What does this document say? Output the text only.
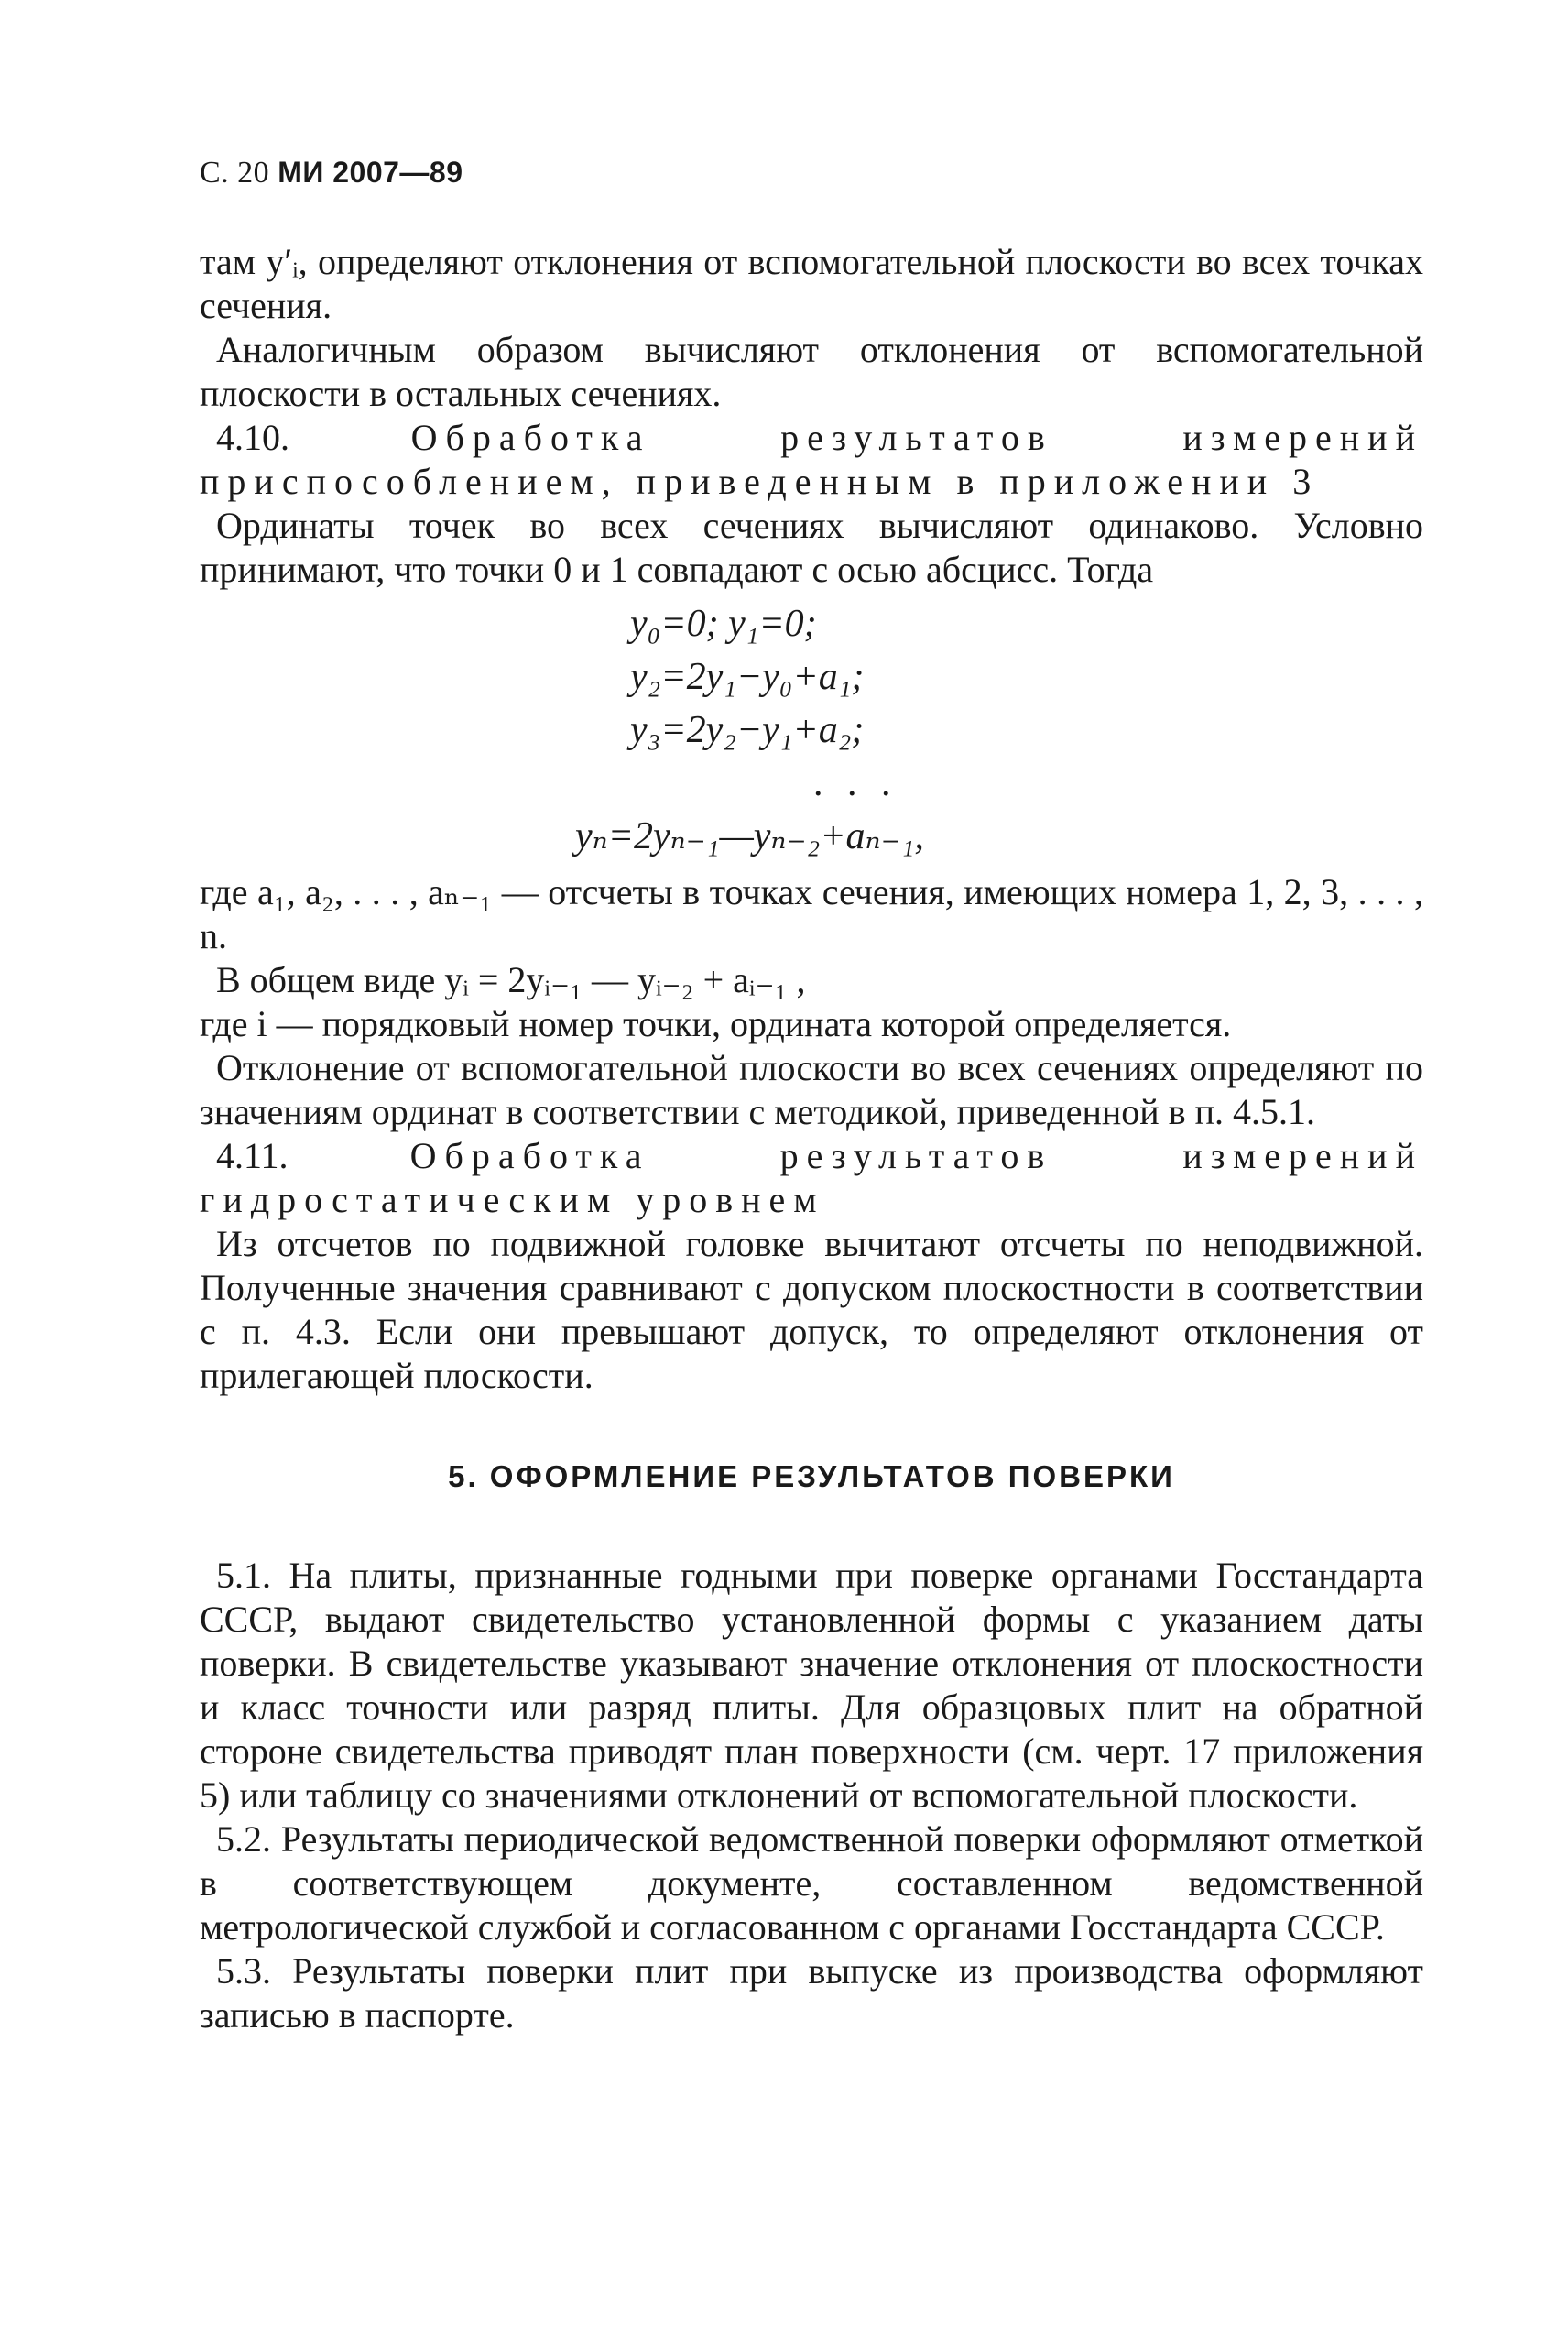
С. 20 МИ 2007—89

там y′ᵢ, определяют отклонения от вспомогательной плоскости во всех точках сечения.

Аналогичным образом вычисляют отклонения от вспомогательной плоскости в остальных сечениях.

4.10.	Обработка результатов измерений приспособлением, приведенным в приложении 3

Ординаты точек во всех сечениях вычисляют одинаково. Условно принимают, что точки 0 и 1 совпадают с осью абсцисс. Тогда

y₀=0; y₁=0;
y₂=2y₁−y₀+a₁;
y₃=2y₂−y₁+a₂;
. . .
yₙ=2yₙ₋₁—yₙ₋₂+aₙ₋₁,

где a₁, a₂, . . . , aₙ₋₁ — отсчеты в точках сечения, имеющих номера 1, 2, 3, . . . , n.

В общем виде yᵢ = 2yᵢ₋₁ — yᵢ₋₂ + aᵢ₋₁ ,

где i — порядковый номер точки, ордината которой определяется.

Отклонение от вспомогательной плоскости во всех сечениях определяют по значениям ординат в соответствии с методикой, приведенной в п. 4.5.1.

4.11.	Обработка результатов измерений гидростатическим уровнем

Из отсчетов по подвижной головке вычитают отсчеты по неподвижной. Полученные значения сравнивают с допуском плоскостности в соответствии с п. 4.3. Если они превышают допуск, то определяют отклонения от прилегающей плоскости.

5. ОФОРМЛЕНИЕ РЕЗУЛЬТАТОВ ПОВЕРКИ

5.1. На плиты, признанные годными при поверке органами Госстандарта СССР, выдают свидетельство установленной формы с указанием даты поверки. В свидетельстве указывают значение отклонения от плоскостности и класс точности или разряд плиты. Для образцовых плит на обратной стороне свидетельства приводят план поверхности (см. черт. 17 приложения 5) или таблицу со значениями отклонений от вспомогательной плоскости.

5.2. Результаты периодической ведомственной поверки оформляют отметкой в соответствующем документе, составленном ведомственной метрологической службой и согласованном с органами Госстандарта СССР.

5.3. Результаты поверки плит при выпуске из производства оформляют записью в паспорте.
